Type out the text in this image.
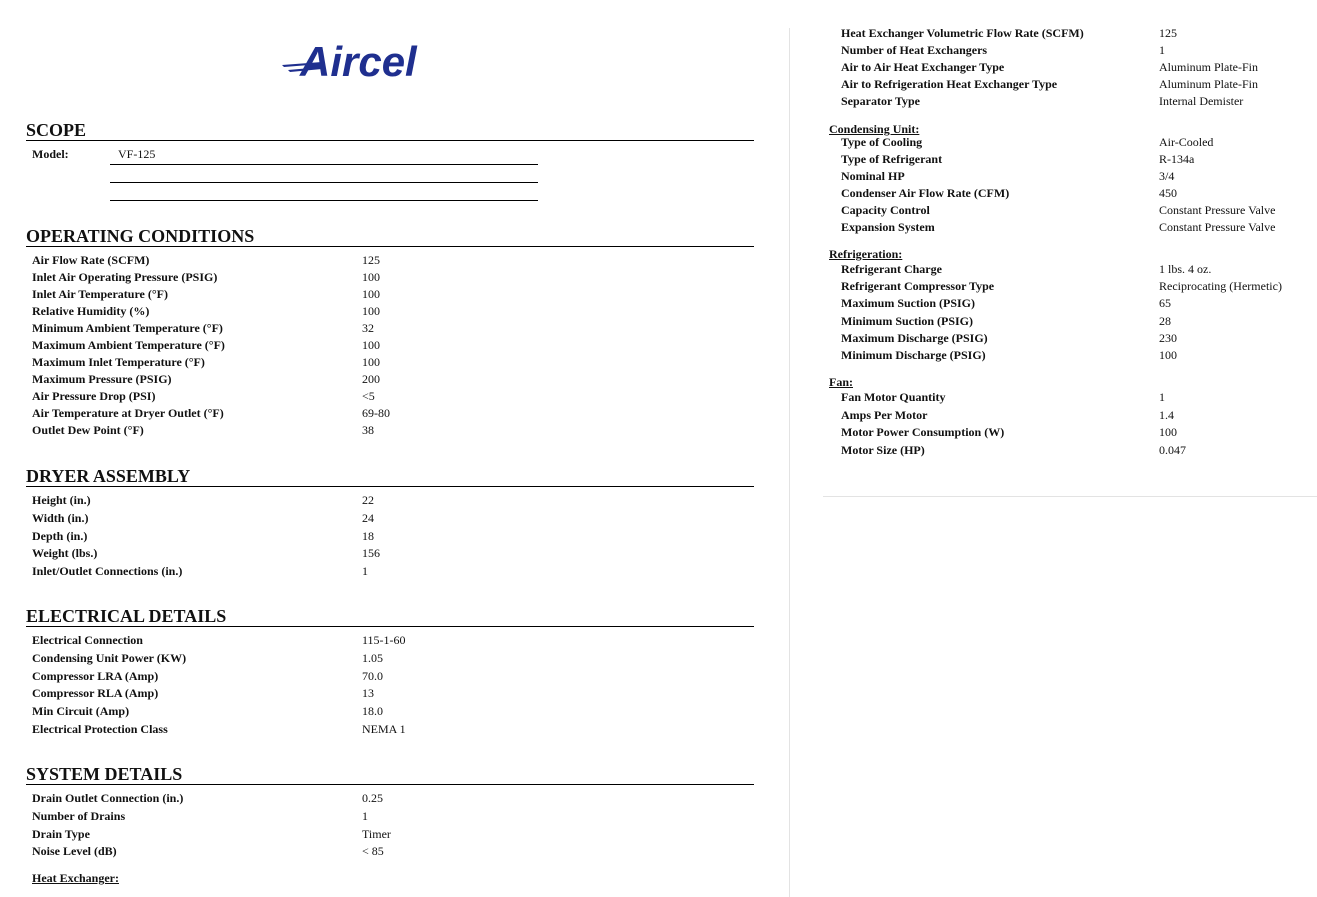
Aircel
SCOPE
Model:	VF-125
OPERATING CONDITIONS
Air Flow Rate (SCFM)	125
Inlet Air Operating Pressure (PSIG)	100
Inlet Air Temperature (°F)	100
Relative Humidity (%)	100
Minimum Ambient Temperature (°F)	32
Maximum Ambient Temperature (°F)	100
Maximum Inlet Temperature (°F)	100
Maximum Pressure (PSIG)	200
Air Pressure Drop (PSI)	<5
Air Temperature at Dryer Outlet (°F)	69-80
Outlet Dew Point (°F)	38
DRYER ASSEMBLY
Height (in.)	22
Width (in.)	24
Depth (in.)	18
Weight (lbs.)	156
Inlet/Outlet Connections (in.)	1
ELECTRICAL DETAILS
Electrical Connection	115-1-60
Condensing Unit Power (KW)	1.05
Compressor LRA (Amp)	70.0
Compressor RLA (Amp)	13
Min Circuit (Amp)	18.0
Electrical Protection Class	NEMA 1
SYSTEM DETAILS
Drain Outlet Connection (in.)	0.25
Number of Drains	1
Drain Type	Timer
Noise Level (dB)	< 85
Heat Exchanger:
Heat Exchanger Volumetric Flow Rate (SCFM)	125
Number of Heat Exchangers	1
Air to Air Heat Exchanger Type	Aluminum Plate-Fin
Air to Refrigeration Heat Exchanger Type	Aluminum Plate-Fin
Separator Type	Internal Demister
Condensing Unit:
Type of Cooling	Air-Cooled
Type of Refrigerant	R-134a
Nominal HP	3/4
Condenser Air Flow Rate (CFM)	450
Capacity Control	Constant Pressure Valve
Expansion System	Constant Pressure Valve
Refrigeration:
Refrigerant Charge	1 lbs. 4 oz.
Refrigerant Compressor Type	Reciprocating (Hermetic)
Maximum Suction (PSIG)	65
Minimum Suction (PSIG)	28
Maximum Discharge (PSIG)	230
Minimum Discharge (PSIG)	100
Fan:
Fan Motor Quantity	1
Amps Per Motor	1.4
Motor Power Consumption (W)	100
Motor Size (HP)	0.047
